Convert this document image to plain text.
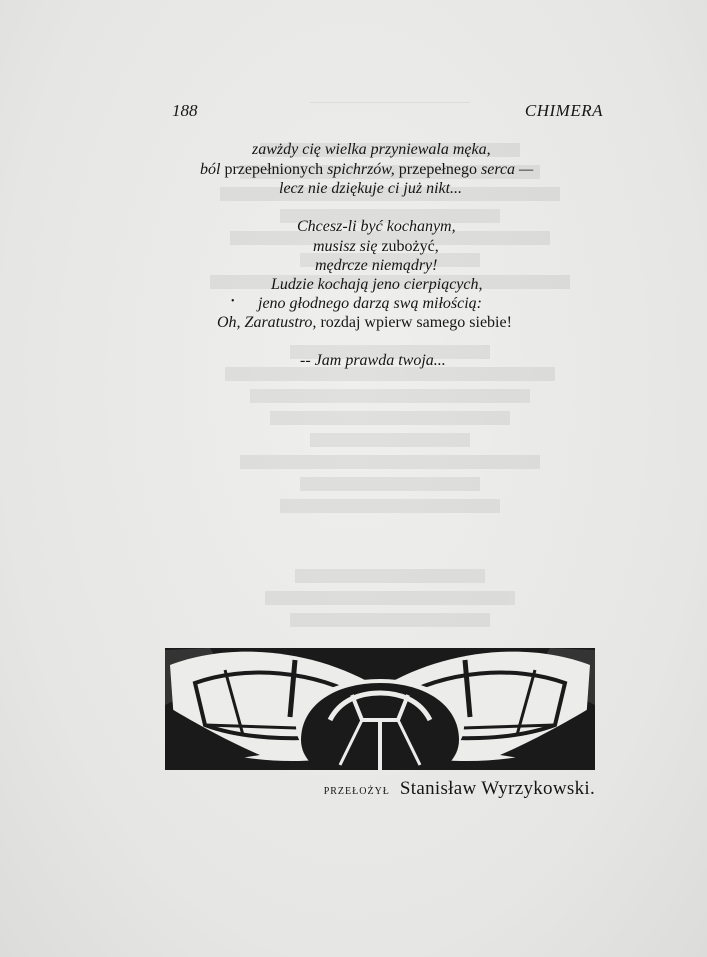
188	CHIMERA
zawżdy cię wielka przyniewala męka,
ból przepełnionych spichrzów, przepełnego serca —
lecz nie dziękuje ci już nikt...
Chcesz-li być kochanym,
musisz się zubożyć,
mędrcze niemądry!
Ludzie kochają jeno cierpiących,
• jeno głodnego darzą swą miłością:
Oh, Zaratustro, rozdaj wpierw samego siebie!
-- Jam prawda twoja...
PRZEŁOŻYŁ Stanisław Wyrzykowski.
